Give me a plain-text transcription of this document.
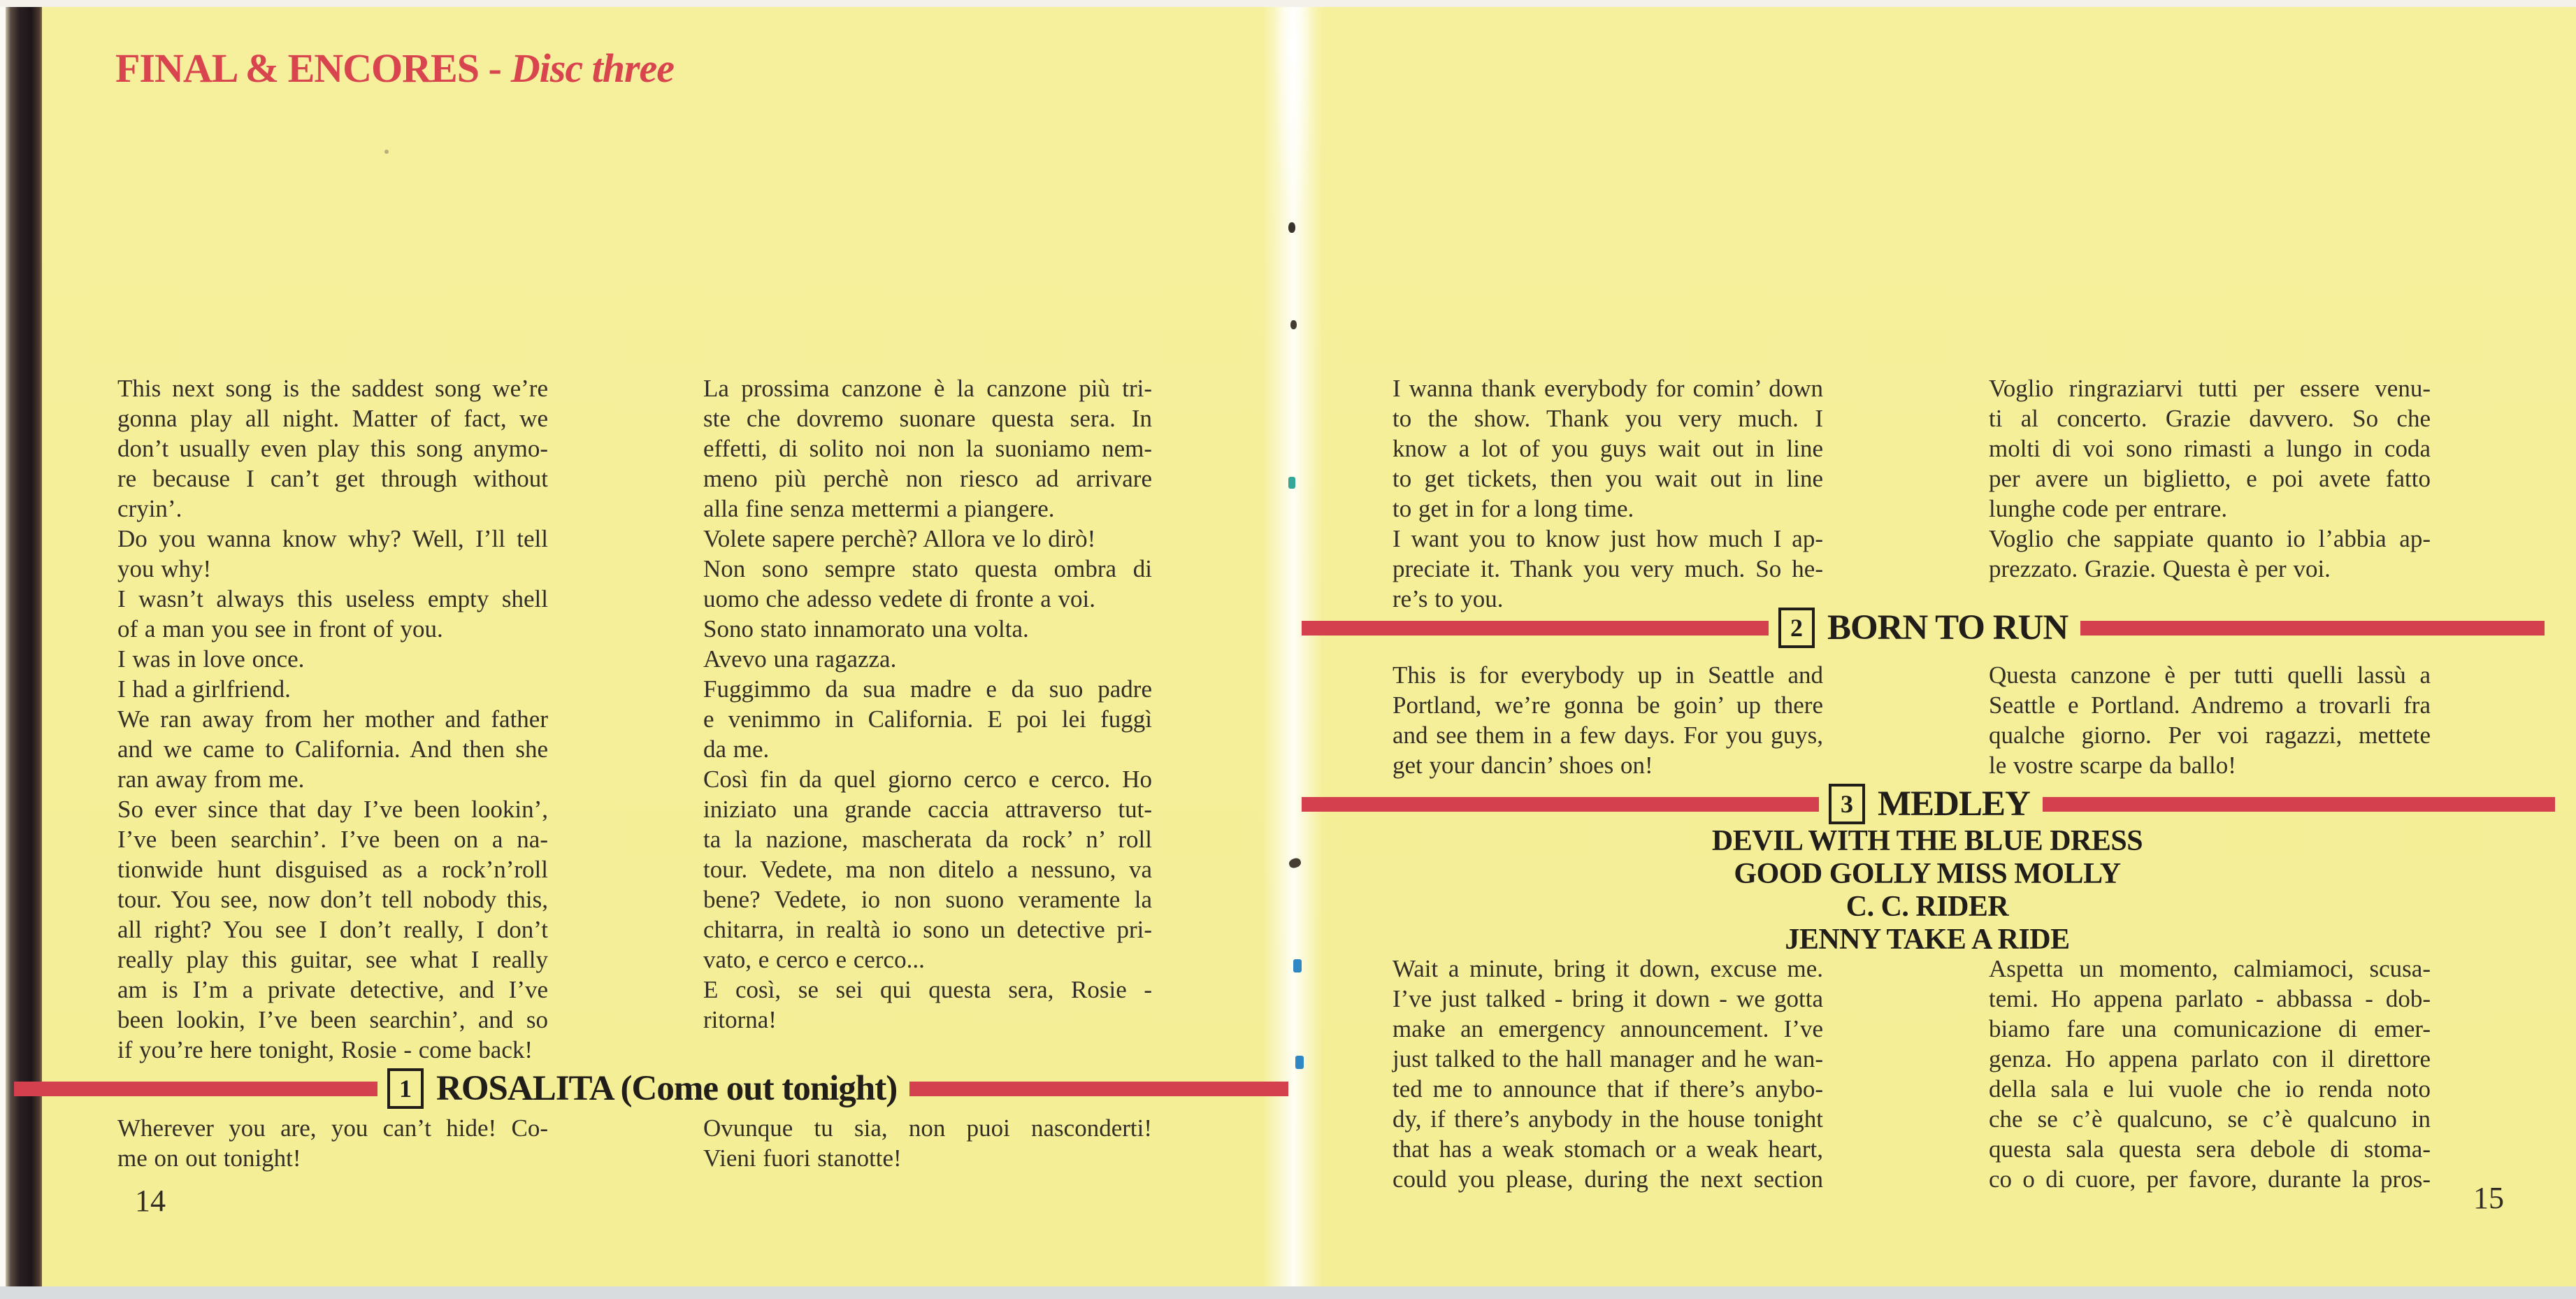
FINAL & ENCORES - Disc three
This next song is the saddest song we’re
gonna play all night. Matter of fact, we
don’t usually even play this song anymo-
re because I can’t get through without
cryin’.
Do you wanna know why? Well, I’ll tell
you why!
I wasn’t always this useless empty shell
of a man you see in front of you.
I was in love once.
I had a girlfriend.
We ran away from her mother and father
and we came to California. And then she
ran away from me.
So ever since that day I’ve been lookin’,
I’ve been searchin’. I’ve been on a na-
tionwide hunt disguised as a rock’n’roll
tour. You see, now don’t tell nobody this,
all right? You see I don’t really, I don’t
really play this guitar, see what I really
am is I’m a private detective, and I’ve
been lookin, I’ve been searchin’, and so
if you’re here tonight, Rosie - come back!
La prossima canzone è la canzone più tri-
ste che dovremo suonare questa sera. In
effetti, di solito noi non la suoniamo nem-
meno più perchè non riesco ad arrivare
alla fine senza mettermi a piangere.
Volete sapere perchè? Allora ve lo dirò!
Non sono sempre stato questa ombra di
uomo che adesso vedete di fronte a voi.
Sono stato innamorato una volta.
Avevo una ragazza.
Fuggimmo da sua madre e da suo padre
e venimmo in California. E poi lei fuggì
da me.
Così fin da quel giorno cerco e cerco. Ho
iniziato una grande caccia attraverso tut-
ta la nazione, mascherata da rock’ n’ roll
tour. Vedete, ma non ditelo a nessuno, va
bene? Vedete, io non suono veramente la
chitarra, in realtà io sono un detective pri-
vato, e cerco e cerco...
E così, se sei qui questa sera, Rosie -
ritorna!
1 ROSALITA (Come out tonight)
Wherever you are, you can’t hide! Co-
me on out tonight!
Ovunque tu sia, non puoi nasconderti!
Vieni fuori stanotte!
14
I wanna thank everybody for comin’ down
to the show. Thank you very much. I
know a lot of you guys wait out in line
to get tickets, then you wait out in line
to get in for a long time.
I want you to know just how much I ap-
preciate it. Thank you very much. So he-
re’s to you.
Voglio ringraziarvi tutti per essere venu-
ti al concerto. Grazie davvero. So che
molti di voi sono rimasti a lungo in coda
per avere un biglietto, e poi avete fatto
lunghe code per entrare.
Voglio che sappiate quanto io l’abbia ap-
prezzato. Grazie. Questa è per voi.
2 BORN TO RUN
This is for everybody up in Seattle and
Portland, we’re gonna be goin’ up there
and see them in a few days. For you guys,
get your dancin’ shoes on!
Questa canzone è per tutti quelli lassù a
Seattle e Portland. Andremo a trovarli fra
qualche giorno. Per voi ragazzi, mettete
le vostre scarpe da ballo!
3 MEDLEY
DEVIL WITH THE BLUE DRESS
GOOD GOLLY MISS MOLLY
C. C. RIDER
JENNY TAKE A RIDE
Wait a minute, bring it down, excuse me.
I’ve just talked - bring it down - we gotta
make an emergency announcement. I’ve
just talked to the hall manager and he wan-
ted me to announce that if there’s anybo-
dy, if there’s anybody in the house tonight
that has a weak stomach or a weak heart,
could you please, during the next section
Aspetta un momento, calmiamoci, scusa-
temi. Ho appena parlato - abbassa - dob-
biamo fare una comunicazione di emer-
genza. Ho appena parlato con il direttore
della sala e lui vuole che io renda noto
che se c’è qualcuno, se c’è qualcuno in
questa sala questa sera debole di stoma-
co o di cuore, per favore, durante la pros-
15
